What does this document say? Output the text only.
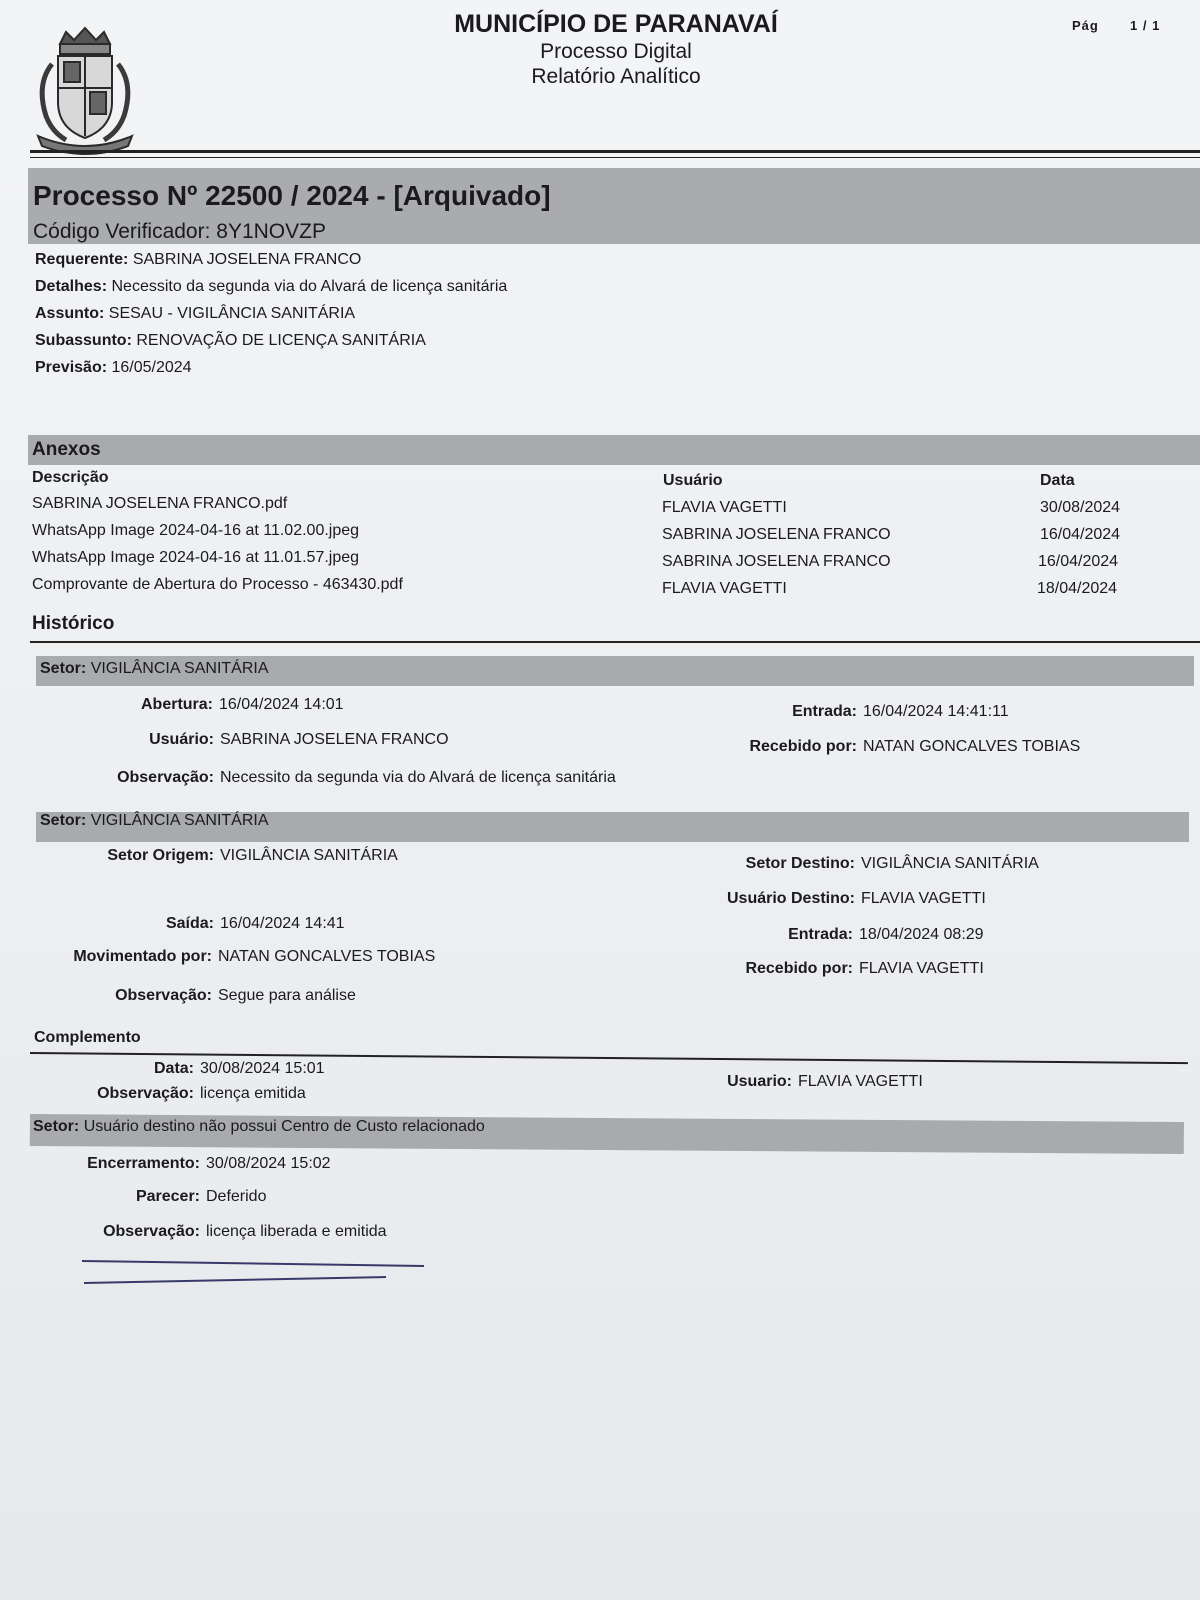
MUNICÍPIO DE PARANAVAÍ
Processo Digital
Relatório Analítico
Pág 1 / 1
Processo Nº 22500 / 2024 - [Arquivado]
Código Verificador: 8Y1NOVZP
Requerente: SABRINA JOSELENA FRANCO
Detalhes: Necessito da segunda via do Alvará de licença sanitária
Assunto: SESAU - VIGILÂNCIA SANITÁRIA
Subassunto: RENOVAÇÃO DE LICENÇA SANITÁRIA
Previsão: 16/05/2024
Anexos
Descrição	Usuário	Data
SABRINA JOSELENA FRANCO.pdf	FLAVIA VAGETTI	30/08/2024
WhatsApp Image 2024-04-16 at 11.02.00.jpeg	SABRINA JOSELENA FRANCO	16/04/2024
WhatsApp Image 2024-04-16 at 11.01.57.jpeg	SABRINA JOSELENA FRANCO	16/04/2024
Comprovante de Abertura do Processo - 463430.pdf	FLAVIA VAGETTI	18/04/2024
Histórico
Setor: VIGILÂNCIA SANITÁRIA
Abertura: 16/04/2024 14:01
Usuário: SABRINA JOSELENA FRANCO
Observação: Necessito da segunda via do Alvará de licença sanitária
Entrada: 16/04/2024 14:41:11
Recebido por: NATAN GONCALVES TOBIAS
Setor: VIGILÂNCIA SANITÁRIA
Setor Origem: VIGILÂNCIA SANITÁRIA
Saída: 16/04/2024 14:41
Movimentado por: NATAN GONCALVES TOBIAS
Observação: Segue para análise
Setor Destino: VIGILÂNCIA SANITÁRIA
Usuário Destino: FLAVIA VAGETTI
Entrada: 18/04/2024 08:29
Recebido por: FLAVIA VAGETTI
Complemento
Data: 30/08/2024 15:01
Observação: licença emitida
Usuario: FLAVIA VAGETTI
Setor: Usuário destino não possui Centro de Custo relacionado
Encerramento: 30/08/2024 15:02
Parecer: Deferido
Observação: licença liberada e emitida
